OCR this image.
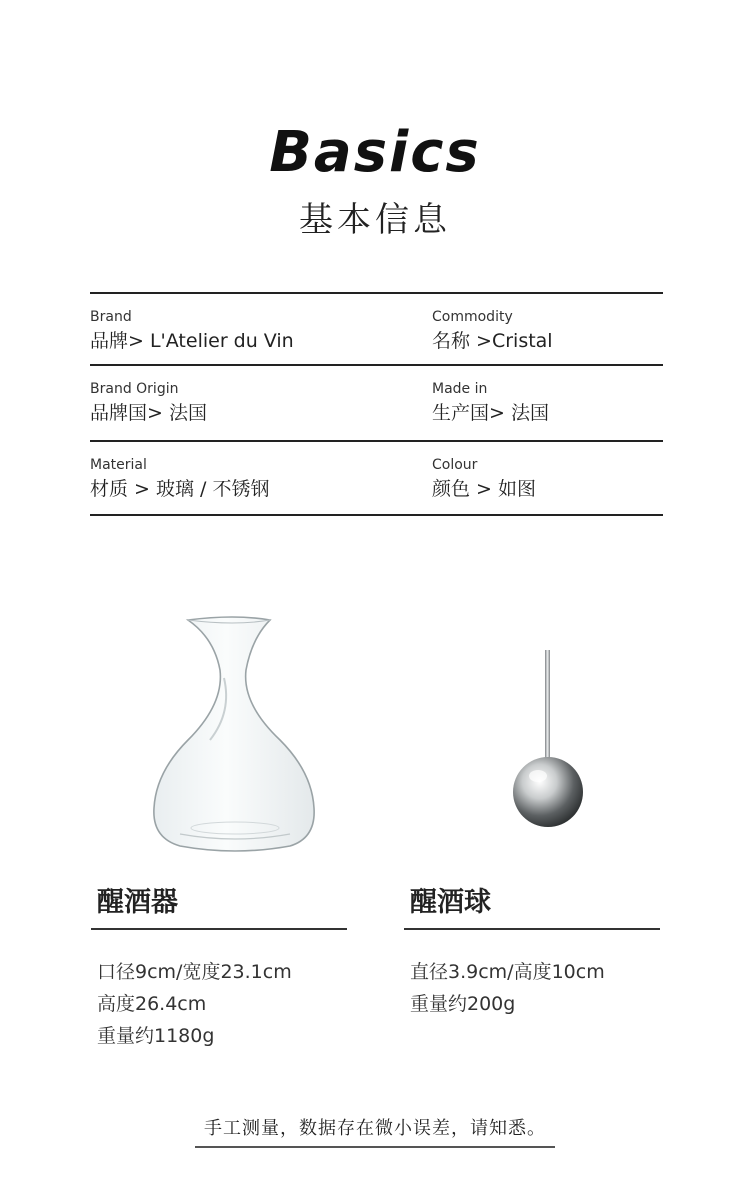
Basics
基本信息
Brand
品牌> L'Atelier du Vin
Commodity
名称 >Cristal
Brand Origin
品牌国> 法国
Made in
生产国> 法国
Material
材质 > 玻璃 / 不锈钢
Colour
颜色 > 如图
醒酒器
口径9cm/宽度23.1cm
高度26.4cm
重量约1180g
醒酒球
直径3.9cm/高度10cm
重量约200g
手工测量，数据存在微小误差，请知悉。
